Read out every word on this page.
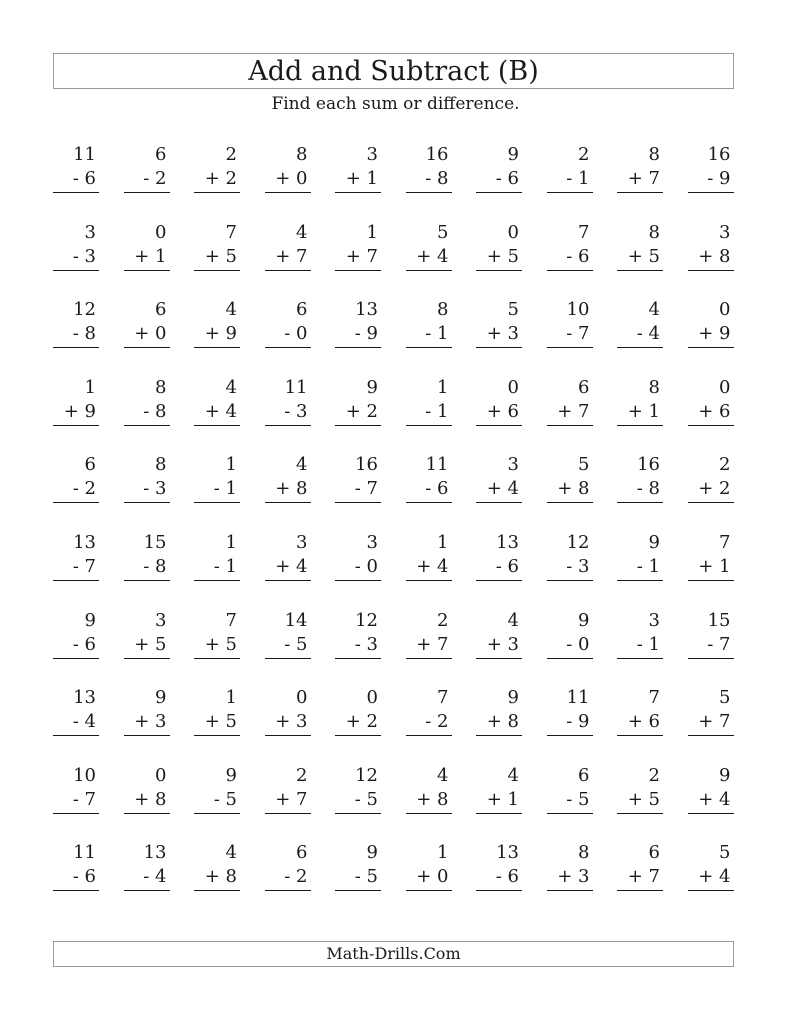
Add and Subtract (B)
Find each sum or difference.
11
- 6
6
- 2
2
+ 2
8
+ 0
3
+ 1
16
- 8
9
- 6
2
- 1
8
+ 7
16
- 9
3
- 3
0
+ 1
7
+ 5
4
+ 7
1
+ 7
5
+ 4
0
+ 5
7
- 6
8
+ 5
3
+ 8
12
- 8
6
+ 0
4
+ 9
6
- 0
13
- 9
8
- 1
5
+ 3
10
- 7
4
- 4
0
+ 9
1
+ 9
8
- 8
4
+ 4
11
- 3
9
+ 2
1
- 1
0
+ 6
6
+ 7
8
+ 1
0
+ 6
6
- 2
8
- 3
1
- 1
4
+ 8
16
- 7
11
- 6
3
+ 4
5
+ 8
16
- 8
2
+ 2
13
- 7
15
- 8
1
- 1
3
+ 4
3
- 0
1
+ 4
13
- 6
12
- 3
9
- 1
7
+ 1
9
- 6
3
+ 5
7
+ 5
14
- 5
12
- 3
2
+ 7
4
+ 3
9
- 0
3
- 1
15
- 7
13
- 4
9
+ 3
1
+ 5
0
+ 3
0
+ 2
7
- 2
9
+ 8
11
- 9
7
+ 6
5
+ 7
10
- 7
0
+ 8
9
- 5
2
+ 7
12
- 5
4
+ 8
4
+ 1
6
- 5
2
+ 5
9
+ 4
11
- 6
13
- 4
4
+ 8
6
- 2
9
- 5
1
+ 0
13
- 6
8
+ 3
6
+ 7
5
+ 4
Math-Drills.Com
